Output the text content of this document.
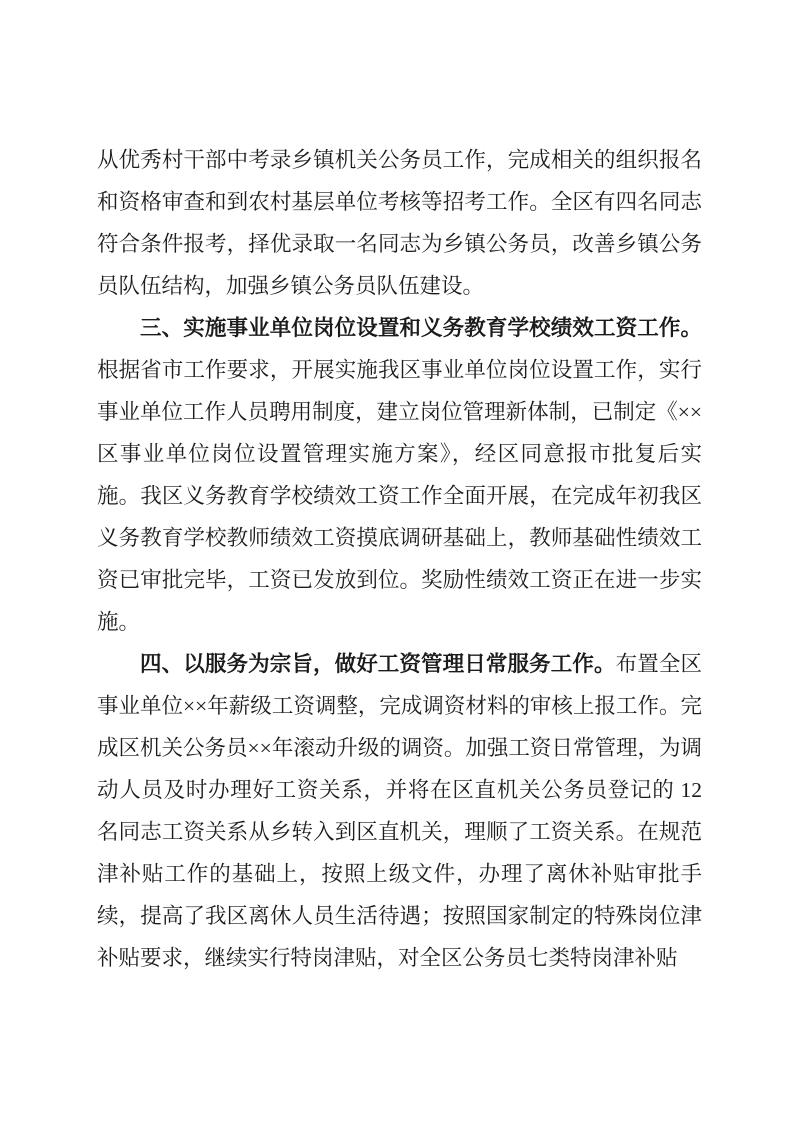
从优秀村干部中考录乡镇机关公务员工作，完成相关的组织报名和资格审查和到农村基层单位考核等招考工作。全区有四名同志符合条件报考，择优录取一名同志为乡镇公务员，改善乡镇公务员队伍结构，加强乡镇公务员队伍建设。

三、实施事业单位岗位设置和义务教育学校绩效工资工作。根据省市工作要求，开展实施我区事业单位岗位设置工作，实行事业单位工作人员聘用制度，建立岗位管理新体制，已制定《××区事业单位岗位设置管理实施方案》，经区同意报市批复后实施。我区义务教育学校绩效工资工作全面开展，在完成年初我区义务教育学校教师绩效工资摸底调研基础上，教师基础性绩效工资已审批完毕，工资已发放到位。奖励性绩效工资正在进一步实施。

四、以服务为宗旨，做好工资管理日常服务工作。布置全区事业单位××年薪级工资调整，完成调资材料的审核上报工作。完成区机关公务员××年滚动升级的调资。加强工资日常管理，为调动人员及时办理好工资关系，并将在区直机关公务员登记的 12 名同志工资关系从乡转入到区直机关，理顺了工资关系。在规范津补贴工作的基础上，按照上级文件，办理了离休补贴审批手续，提高了我区离休人员生活待遇；按照国家制定的特殊岗位津补贴要求，继续实行特岗津贴，对全区公务员七类特岗津补贴
